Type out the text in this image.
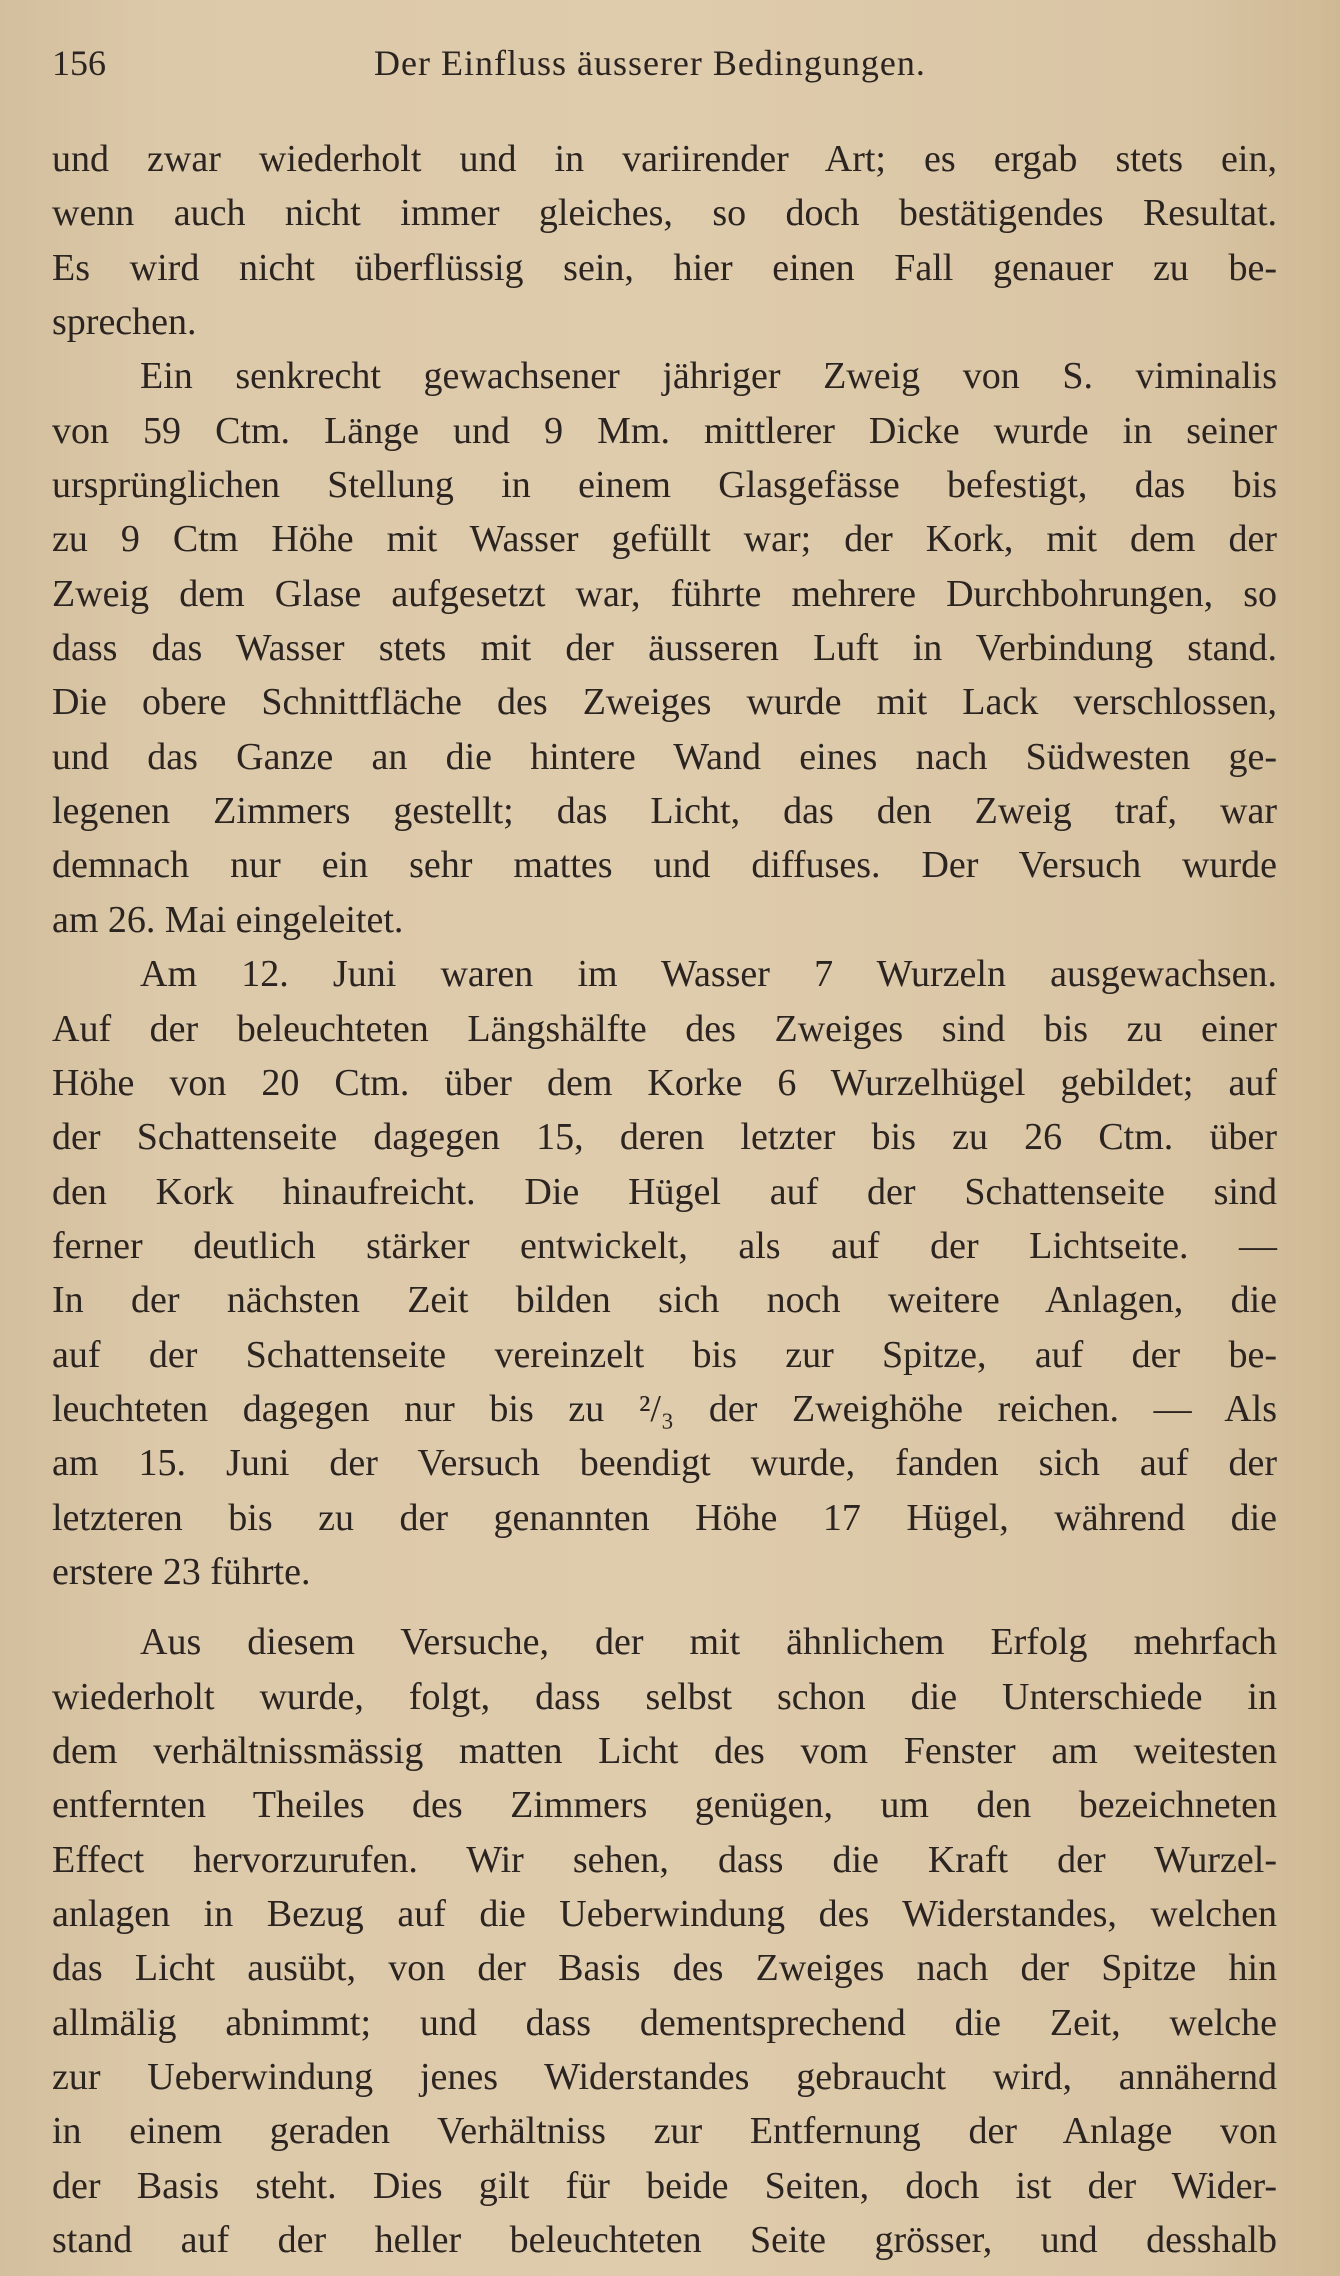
156	Der Einfluss äusserer Bedingungen.
und zwar wiederholt und in variirender Art; es ergab stets ein,
wenn auch nicht immer gleiches, so doch bestätigendes Resultat.
Es wird nicht überflüssig sein, hier einen Fall genauer zu be-
sprechen.
Ein senkrecht gewachsener jähriger Zweig von S. viminalis
von 59 Ctm. Länge und 9 Mm. mittlerer Dicke wurde in seiner
ursprünglichen Stellung in einem Glasgefässe befestigt, das bis
zu 9 Ctm Höhe mit Wasser gefüllt war; der Kork, mit dem der
Zweig dem Glase aufgesetzt war, führte mehrere Durchbohrungen, so
dass das Wasser stets mit der äusseren Luft in Verbindung stand.
Die obere Schnittfläche des Zweiges wurde mit Lack verschlossen,
und das Ganze an die hintere Wand eines nach Südwesten ge-
legenen Zimmers gestellt; das Licht, das den Zweig traf, war
demnach nur ein sehr mattes und diffuses. Der Versuch wurde
am 26. Mai eingeleitet.
Am 12. Juni waren im Wasser 7 Wurzeln ausgewachsen.
Auf der beleuchteten Längshälfte des Zweiges sind bis zu einer
Höhe von 20 Ctm. über dem Korke 6 Wurzelhügel gebildet; auf
der Schattenseite dagegen 15, deren letzter bis zu 26 Ctm. über
den Kork hinaufreicht. Die Hügel auf der Schattenseite sind
ferner deutlich stärker entwickelt, als auf der Lichtseite. —
In der nächsten Zeit bilden sich noch weitere Anlagen, die
auf der Schattenseite vereinzelt bis zur Spitze, auf der be-
leuchteten dagegen nur bis zu ²/₃ der Zweighöhe reichen. — Als
am 15. Juni der Versuch beendigt wurde, fanden sich auf der
letzteren bis zu der genannten Höhe 17 Hügel, während die
erstere 23 führte.
Aus diesem Versuche, der mit ähnlichem Erfolg mehrfach
wiederholt wurde, folgt, dass selbst schon die Unterschiede in
dem verhältnissmässig matten Licht des vom Fenster am weitesten
entfernten Theiles des Zimmers genügen, um den bezeichneten
Effect hervorzurufen. Wir sehen, dass die Kraft der Wurzel-
anlagen in Bezug auf die Ueberwindung des Widerstandes, welchen
das Licht ausübt, von der Basis des Zweiges nach der Spitze hin
allmälig abnimmt; und dass dementsprechend die Zeit, welche
zur Ueberwindung jenes Widerstandes gebraucht wird, annähernd
in einem geraden Verhältniss zur Entfernung der Anlage von
der Basis steht. Dies gilt für beide Seiten, doch ist der Wider-
stand auf der heller beleuchteten Seite grösser, und desshalb
